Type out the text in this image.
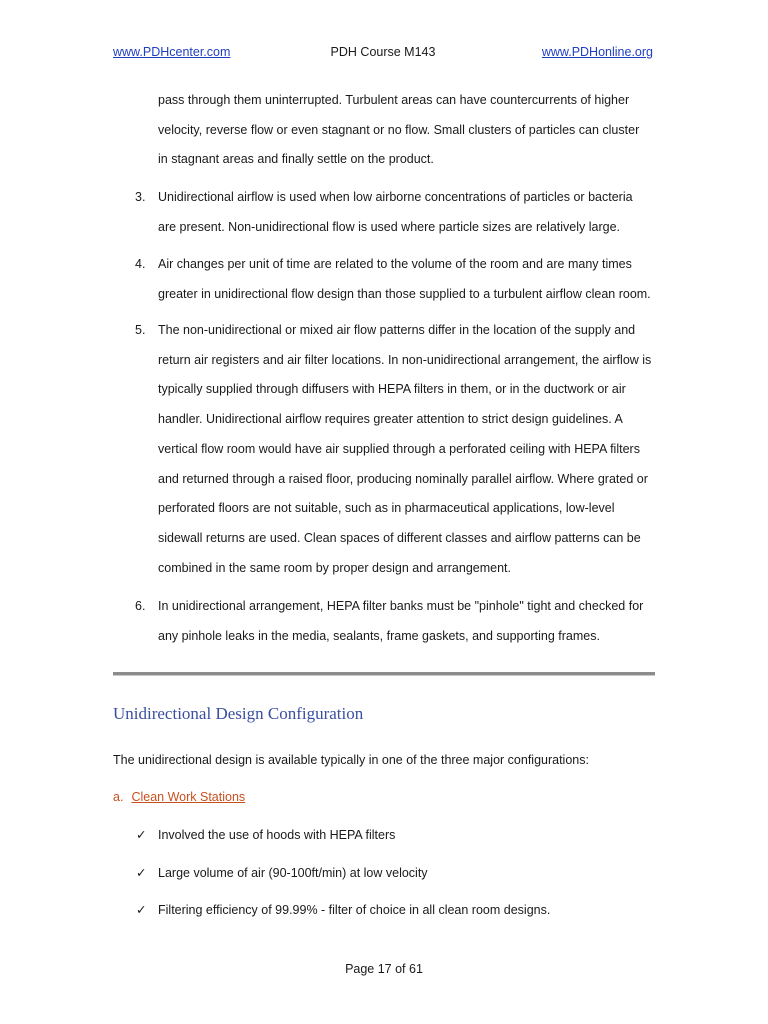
www.PDHcenter.com	PDH Course M143	www.PDHonline.org
pass through them uninterrupted. Turbulent areas can have countercurrents of higher
velocity, reverse flow or even stagnant or no flow. Small clusters of particles can cluster
in stagnant areas and finally settle on the product.
3.	Unidirectional airflow is used when low airborne concentrations of particles or bacteria
are present. Non-unidirectional flow is used where particle sizes are relatively large.
4.	Air changes per unit of time are related to the volume of the room and are many times
greater in unidirectional flow design than those supplied to a turbulent airflow clean room.
5.	The non-unidirectional or mixed air flow patterns differ in the location of the supply and
return air registers and air filter locations. In non-unidirectional arrangement, the airflow is
typically supplied through diffusers with HEPA filters in them, or in the ductwork or air
handler. Unidirectional airflow requires greater attention to strict design guidelines. A
vertical flow room would have air supplied through a perforated ceiling with HEPA filters
and returned through a raised floor, producing nominally parallel airflow. Where grated or
perforated floors are not suitable, such as in pharmaceutical applications, low-level
sidewall returns are used. Clean spaces of different classes and airflow patterns can be
combined in the same room by proper design and arrangement.
6.	In unidirectional arrangement, HEPA filter banks must be "pinhole" tight and checked for
any pinhole leaks in the media, sealants, frame gaskets, and supporting frames.
Unidirectional Design Configuration
The unidirectional design is available typically in one of the three major configurations:
a. Clean Work Stations
✓ Involved the use of hoods with HEPA filters
✓ Large volume of air (90-100ft/min) at low velocity
✓ Filtering efficiency of 99.99% - filter of choice in all clean room designs.
Page 17 of 61
